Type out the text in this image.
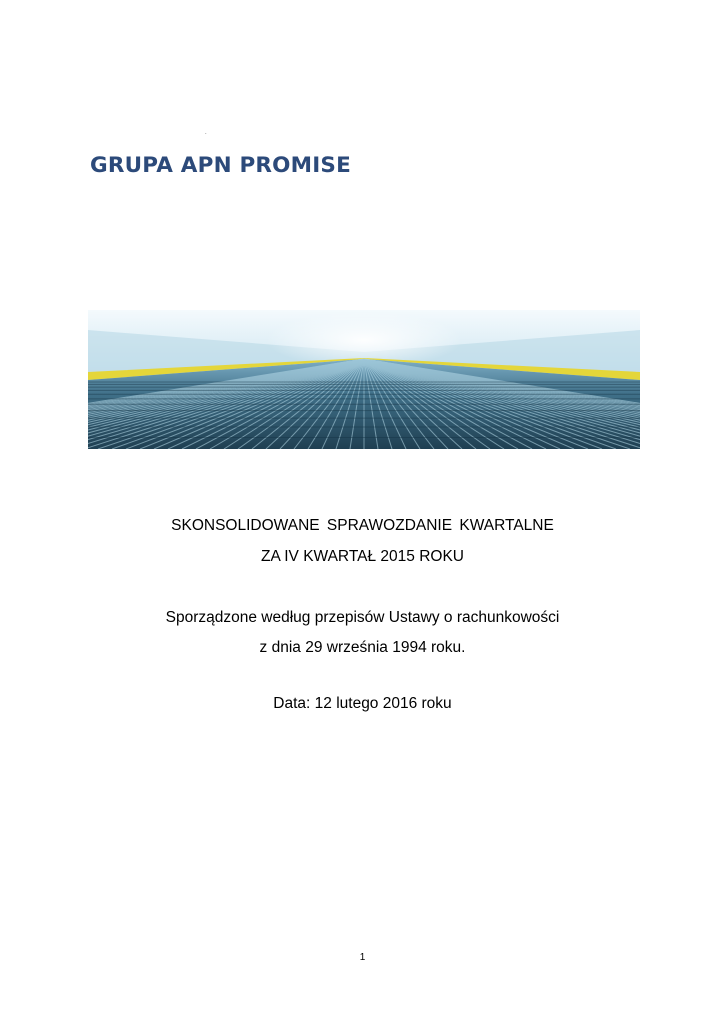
.
GRUPA APN PROMISE
SKONSOLIDOWANE SPRAWOZDANIE KWARTALNE
ZA IV KWARTAŁ 2015 ROKU
Sporządzone według przepisów Ustawy o rachunkowości
z dnia 29 września 1994 roku.
Data: 12 lutego 2016 roku
1
